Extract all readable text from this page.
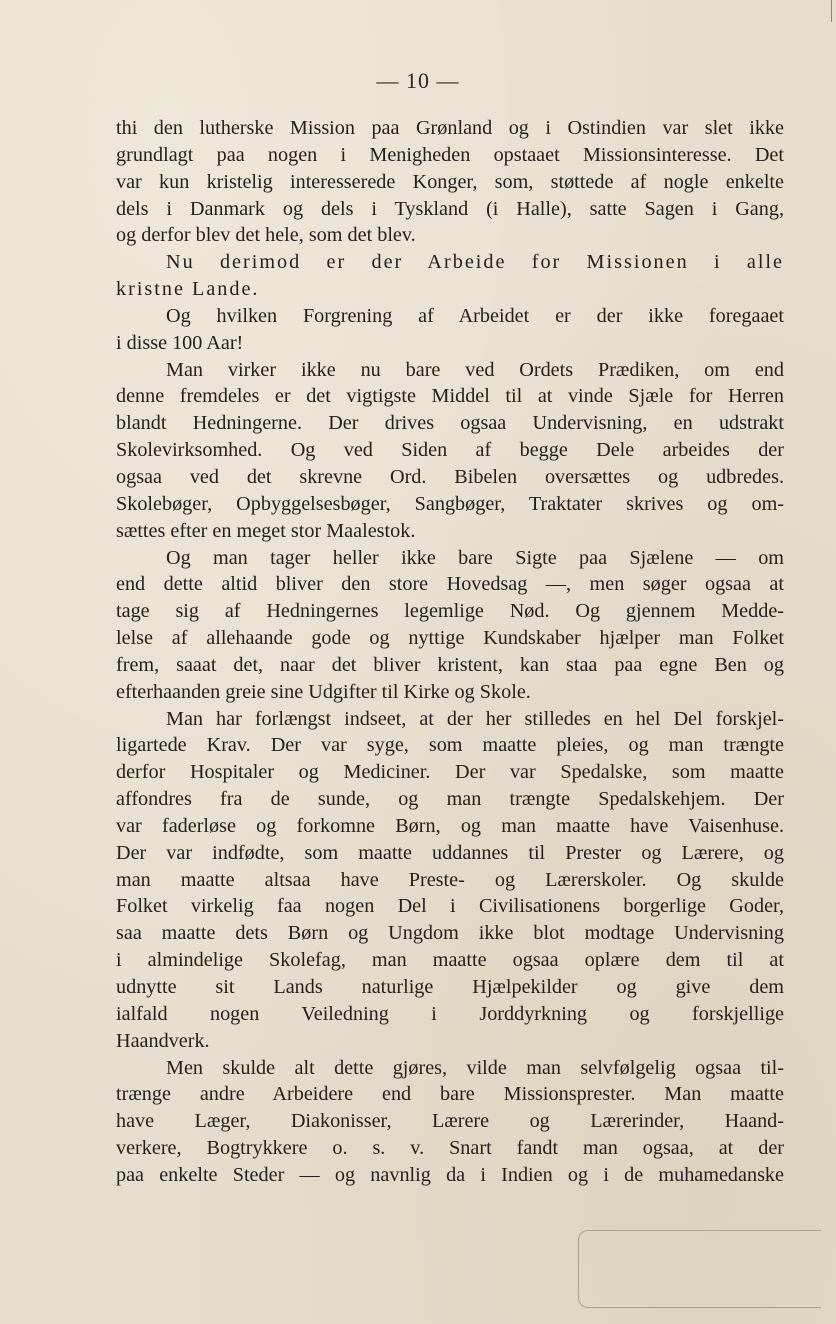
— 10 —
thi den lutherske Mission paa Grønland og i Ostindien var slet ikke
grundlagt paa nogen i Menigheden opstaaet Missionsinteresse. Det
var kun kristelig interesserede Konger, som, støttede af nogle enkelte
dels i Danmark og dels i Tyskland (i Halle), satte Sagen i Gang,
og derfor blev det hele, som det blev.
Nu derimod er der Arbeide for Missionen i alle
kristne Lande.
Og hvilken Forgrening af Arbeidet er der ikke foregaaet
i disse 100 Aar!
Man virker ikke nu bare ved Ordets Prædiken, om end
denne fremdeles er det vigtigste Middel til at vinde Sjæle for Herren
blandt Hedningerne. Der drives ogsaa Undervisning, en udstrakt
Skolevirksomhed. Og ved Siden af begge Dele arbeides der
ogsaa ved det skrevne Ord. Bibelen oversættes og udbredes.
Skolebøger, Opbyggelsesbøger, Sangbøger, Traktater skrives og om-
sættes efter en meget stor Maalestok.
Og man tager heller ikke bare Sigte paa Sjælene — om
end dette altid bliver den store Hovedsag —, men søger ogsaa at
tage sig af Hedningernes legemlige Nød. Og gjennem Medde-
lelse af allehaande gode og nyttige Kundskaber hjælper man Folket
frem, saaat det, naar det bliver kristent, kan staa paa egne Ben og
efterhaanden greie sine Udgifter til Kirke og Skole.
Man har forlængst indseet, at der her stilledes en hel Del forskjel-
ligartede Krav. Der var syge, som maatte pleies, og man trængte
derfor Hospitaler og Mediciner. Der var Spedalske, som maatte
affondres fra de sunde, og man trængte Spedalskehjem. Der
var faderløse og forkomne Børn, og man maatte have Vaisenhuse.
Der var indfødte, som maatte uddannes til Prester og Lærere, og
man maatte altsaa have Preste- og Lærerskoler. Og skulde
Folket virkelig faa nogen Del i Civilisationens borgerlige Goder,
saa maatte dets Børn og Ungdom ikke blot modtage Undervisning
i almindelige Skolefag, man maatte ogsaa oplære dem til at
udnytte sit Lands naturlige Hjælpekilder og give dem
ialfald nogen Veiledning i Jorddyrkning og forskjellige
Haandverk.
Men skulde alt dette gjøres, vilde man selvfølgelig ogsaa til-
trænge andre Arbeidere end bare Missionsprester. Man maatte
have Læger, Diakonisser, Lærere og Lærerinder, Haand-
verkere, Bogtrykkere o. s. v. Snart fandt man ogsaa, at der
paa enkelte Steder — og navnlig da i Indien og i de muhamedanske
